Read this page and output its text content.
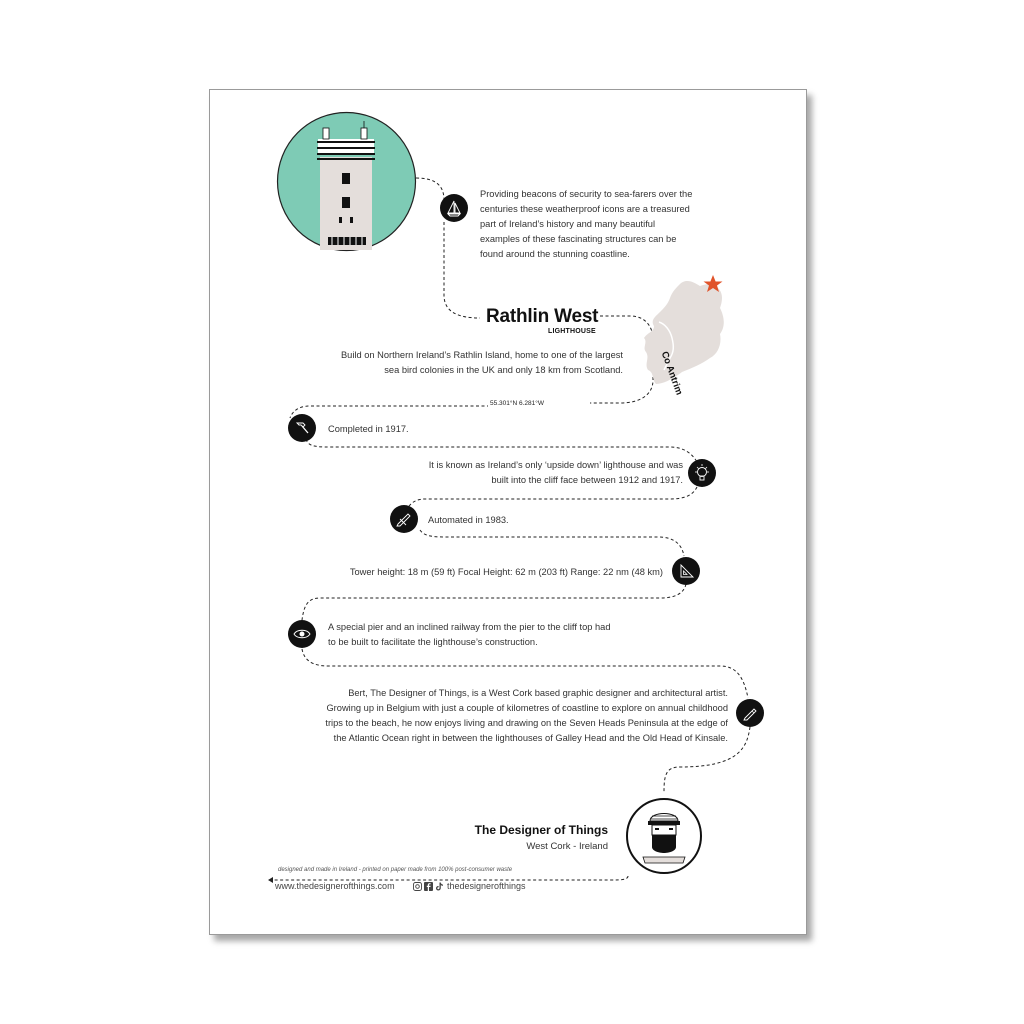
Providing beacons of security to sea-farers over the
centuries these weatherproof icons are a treasured
part of Ireland’s history and many beautiful
examples of these fascinating structures can be
found around the stunning coastline.
Co Antrim
Rathlin West
LIGHTHOUSE
Build on Northern Ireland’s Rathlin Island, home to one of the largest
sea bird colonies in the UK and only 18 km from Scotland.
55.301°N 6.281°W
Completed in 1917.
It is known as Ireland’s only ‘upside down’ lighthouse and was
built into the cliff face between 1912 and 1917.
Automated in 1983.
Tower height: 18 m (59 ft) Focal Height: 62 m (203 ft) Range: 22 nm (48 km)
A special pier and an inclined railway from the pier to the cliff top had
to be built to facilitate the lighthouse’s construction.
Bert, The Designer of Things, is a West Cork based graphic designer and architectural artist.
Growing up in Belgium with just a couple of kilometres of coastline to explore on annual childhood
trips to the beach, he now enjoys living and drawing on the Seven Heads Peninsula at the edge of
the Atlantic Ocean right in between the lighthouses of Galley Head and the Old Head of Kinsale.
The Designer of Things
West Cork - Ireland
designed and made in Ireland - printed on paper made from 100% post-consumer waste
www.thedesignerofthings.com	thedesignerofthings
